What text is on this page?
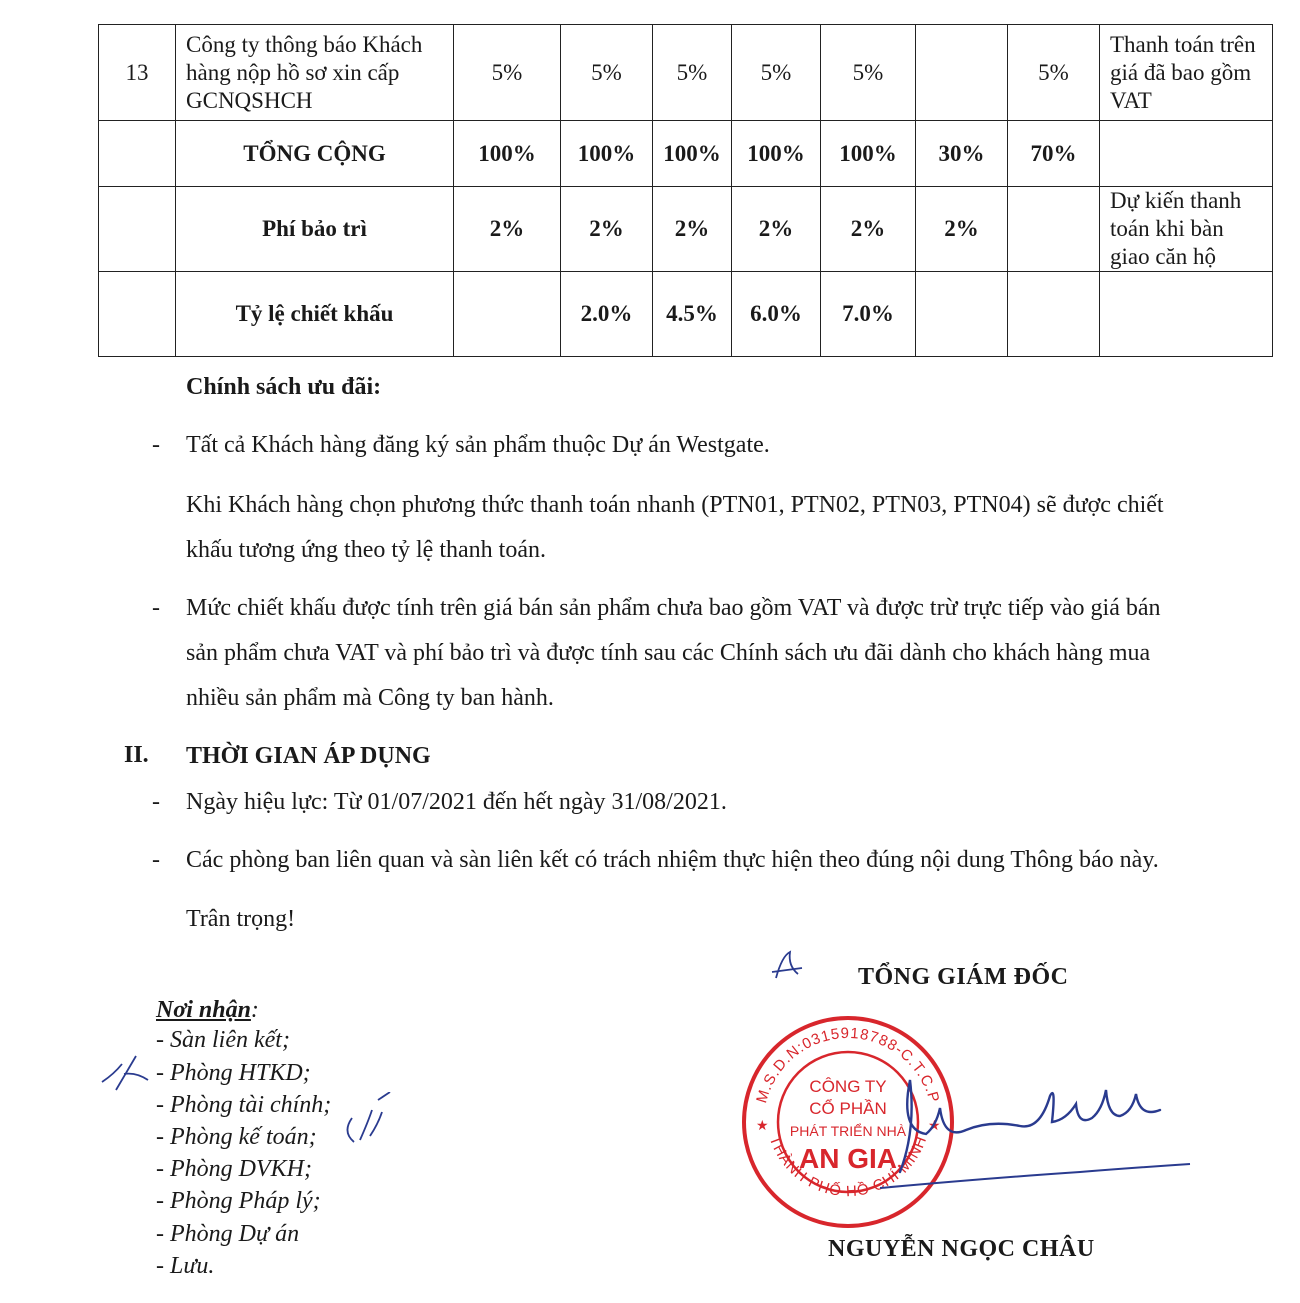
13	Công ty thông báo Khách hàng nộp hồ sơ xin cấp GCNQSHCH	5%	5%	5%	5%	5%		5%	Thanh toán trên giá đã bao gồm VAT
	TỔNG CỘNG	100%	100%	100%	100%	100%	30%	70%	
	Phí bảo trì	2%	2%	2%	2%	2%	2%		Dự kiến thanh toán khi bàn giao căn hộ
	Tỷ lệ chiết khấu		2.0%	4.5%	6.0%	7.0%			
Chính sách ưu đãi:
- Tất cả Khách hàng đăng ký sản phẩm thuộc Dự án Westgate.
Khi Khách hàng chọn phương thức thanh toán nhanh (PTN01, PTN02, PTN03, PTN04) sẽ được chiết
khấu tương ứng theo tỷ lệ thanh toán.
- Mức chiết khấu được tính trên giá bán sản phẩm chưa bao gồm VAT và được trừ trực tiếp vào giá bán
sản phẩm chưa VAT và phí bảo trì và được tính sau các Chính sách ưu đãi dành cho khách hàng mua
nhiều sản phẩm mà Công ty ban hành.
II. THỜI GIAN ÁP DỤNG
- Ngày hiệu lực: Từ 01/07/2021 đến hết ngày 31/08/2021.
- Các phòng ban liên quan và sàn liên kết có trách nhiệm thực hiện theo đúng nội dung Thông báo này.
Trân trọng!
Nơi nhận:
- Sàn liên kết;
- Phòng HTKD;
- Phòng tài chính;
- Phòng kế toán;
- Phòng DVKH;
- Phòng Pháp lý;
- Phòng Dự án
- Lưu.
TỔNG GIÁM ĐỐC
M.S.D.N:0315918788-C.T.C.P
THÀNH PHỐ HỒ CHÍ MINH
CÔNG TY
CỔ PHẦN
PHÁT TRIỂN NHÀ
AN GIA
★	★
NGUYỄN NGỌC CHÂU
